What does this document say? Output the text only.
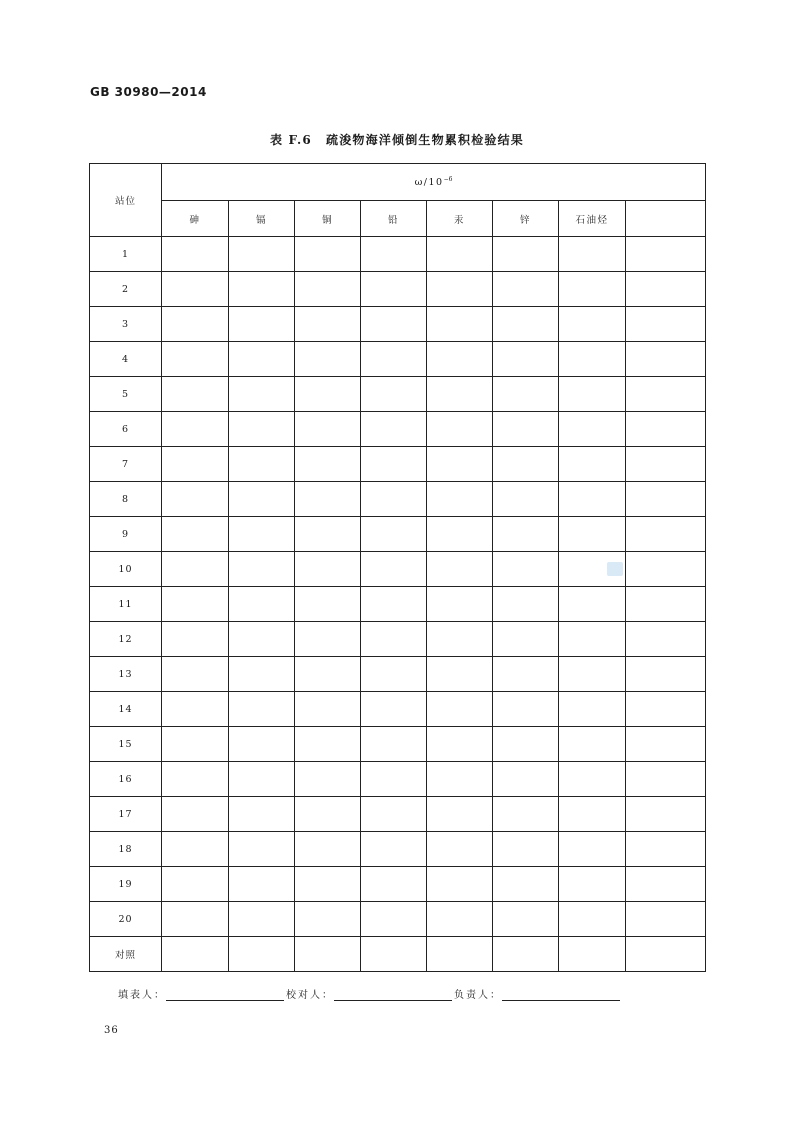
GB 30980—2014
表 F.6 疏浚物海洋倾倒生物累积检验结果
站位	$\omega/10^{-6}$
	砷	镉	铜	铅	汞	锌	石油烃	
1								
2								
3								
4								
5								
6								
7								
8								
9								
10								
11								
12								
13								
14								
15								
16								
17								
18								
19								
20								
对照								
填表人：	校对人：	负责人：
36
